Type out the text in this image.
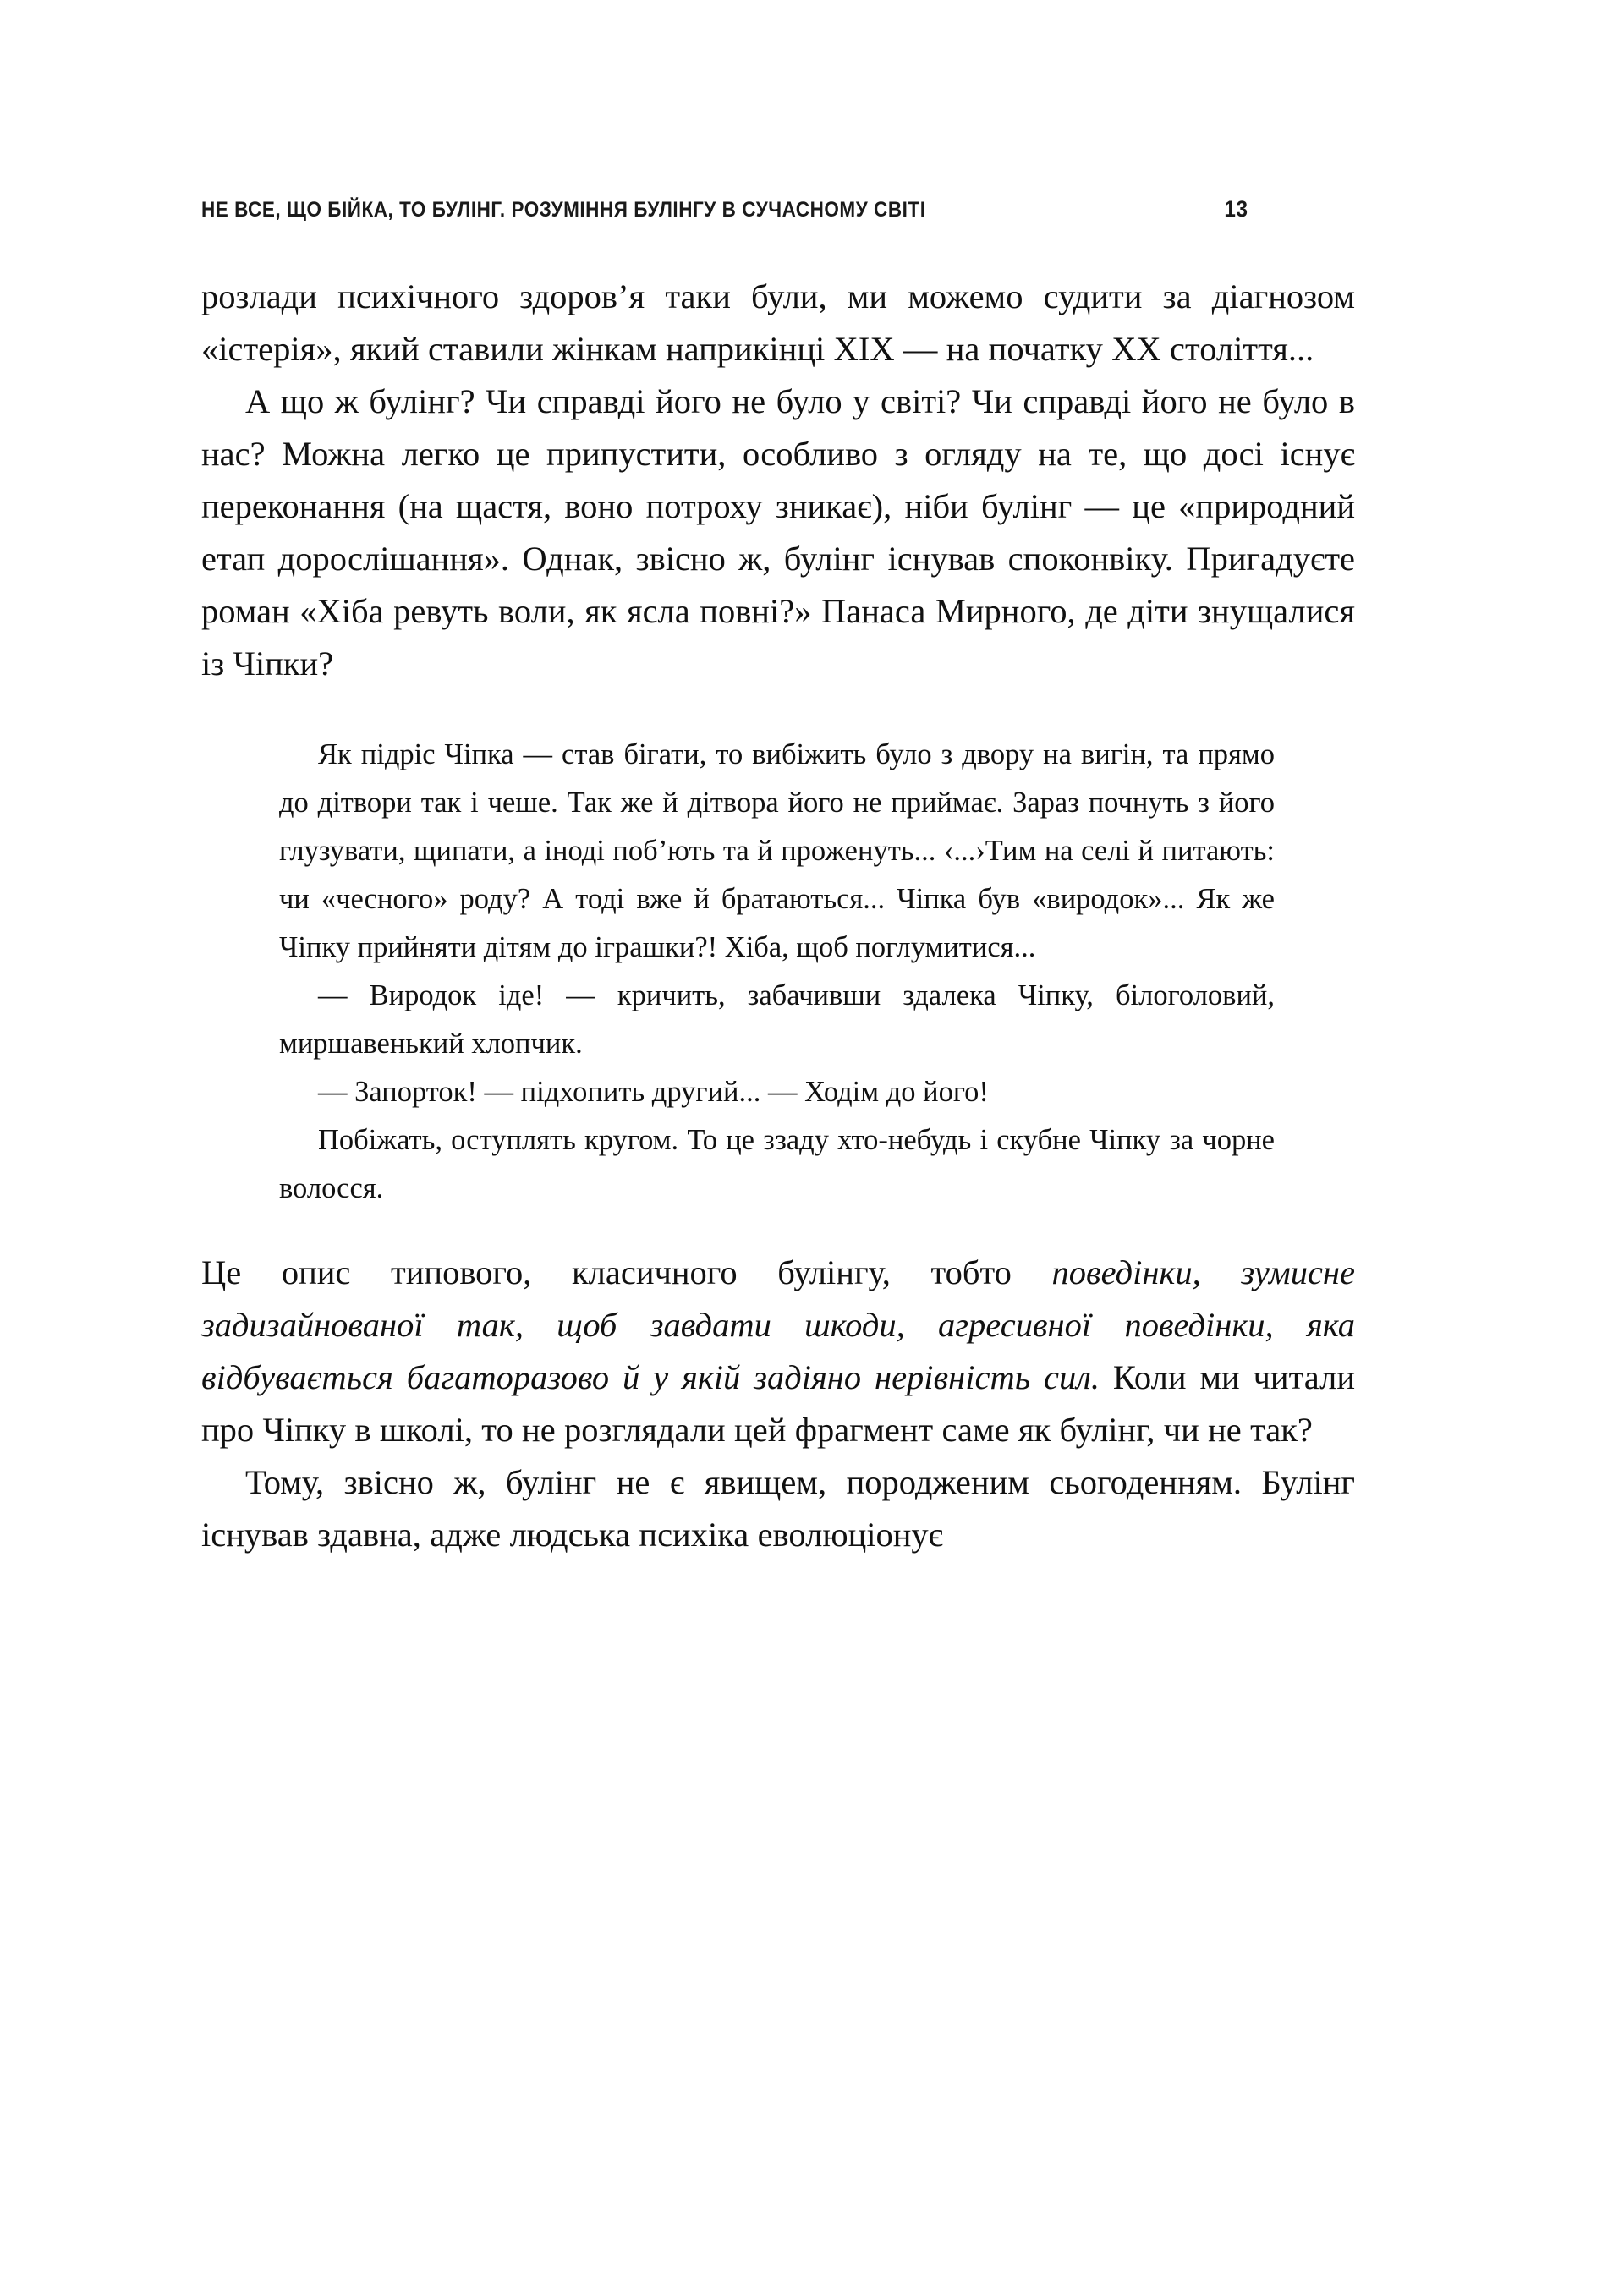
НЕ ВСЕ, ЩО БІЙКА, ТО БУЛІНГ. РОЗУМІННЯ БУЛІНГУ В СУЧАСНОМУ СВІТІ	13

розлади психічного здоров’я таки були, ми можемо судити за діагнозом «істерія», який ставили жінкам наприкінці XIX — на початку XX століття...

А що ж булінг? Чи справді його не було у світі? Чи справді його не було в нас? Можна легко це припустити, особливо з огляду на те, що досі існує переконання (на щастя, воно потроху зникає), ніби булінг — це «природний етап дорослішання». Однак, звісно ж, булінг існував споконвіку. Пригадуєте роман «Хіба ревуть воли, як ясла повні?» Панаса Мирного, де діти знущалися із Чіпки?

Як підріс Чіпка — став бігати, то вибіжить було з двору на вигін, та прямо до дітвори так і чеше. Так же й дітвора його не приймає. Зараз почнуть з його глузувати, щипати, а іноді поб’ють та й проженуть... ‹...›Тим на селі й питають: чи «чесного» роду? А тоді вже й братаються... Чіпка був «виродок»... Як же Чіпку прийняти дітям до іграшки?! Хіба, щоб поглумитися...

— Виродок іде! — кричить, забачивши здалека Чіпку, білоголовий, миршавенький хлопчик.

— Запорток! — підхопить другий... — Ходім до його!

Побіжать, оступлять кругом. То це ззаду хто-небудь і скубне Чіпку за чорне волосся.

Це опис типового, класичного булінгу, тобто поведінки, зумисне задизайнованої так, щоб завдати шкоди, агресивної поведінки, яка відбувається багаторазово й у якій задіяно нерівність сил. Коли ми читали про Чіпку в школі, то не розглядали цей фрагмент саме як булінг, чи не так?

Тому, звісно ж, булінг не є явищем, породженим сьогоденням. Булінг існував здавна, адже людська психіка еволюціонує
